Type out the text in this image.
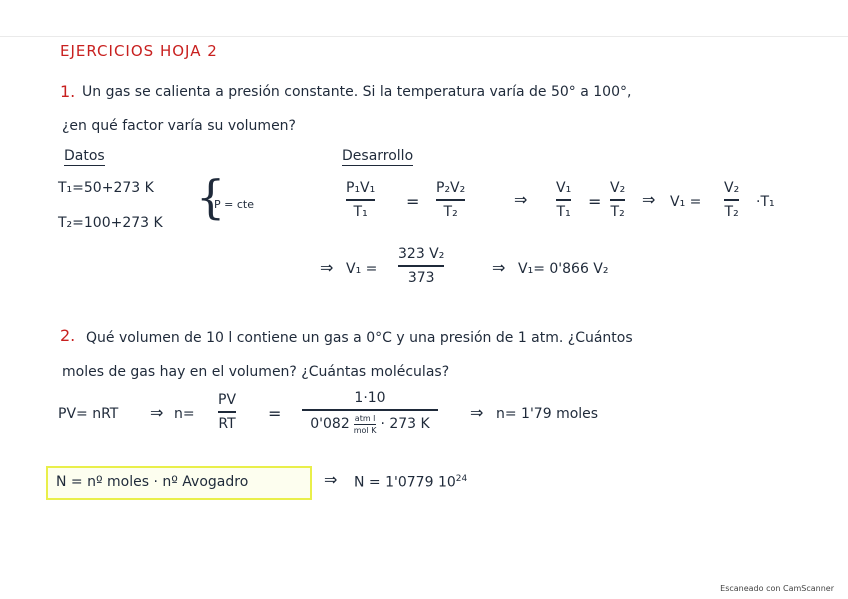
EJERCICIOS HOJA 2
1. Un gas se calienta a presión constante. Si la temperatura varía de 50° a 100°,
¿en qué factor varía su volumen?
Datos	Desarrollo
T₁=50+273 K
T₂=100+273 K {
P = cte
P₁V₁
T₁
=
P₂V₂
T₂
⇒
V₁
T₁
=
V₂
T₂
⇒ V₁ =
V₂
T₂
·T₁
⇒ V₁ =
323 V₂
373
⇒ V₁= 0'866 V₂
2. Qué volumen de 10 l contiene un gas a 0°C y una presión de 1 atm. ¿Cuántos
moles de gas hay en el volumen? ¿Cuántas moléculas?
PV= nRT ⇒ n=
PV
RT
=
1·10
0'082 atm l
mol K · 273 K
⇒ n= 1'79 moles
N = nº moles · nº Avogadro	⇒ N = 1'0779 $10^{24}$
Escaneado con CamScanner
